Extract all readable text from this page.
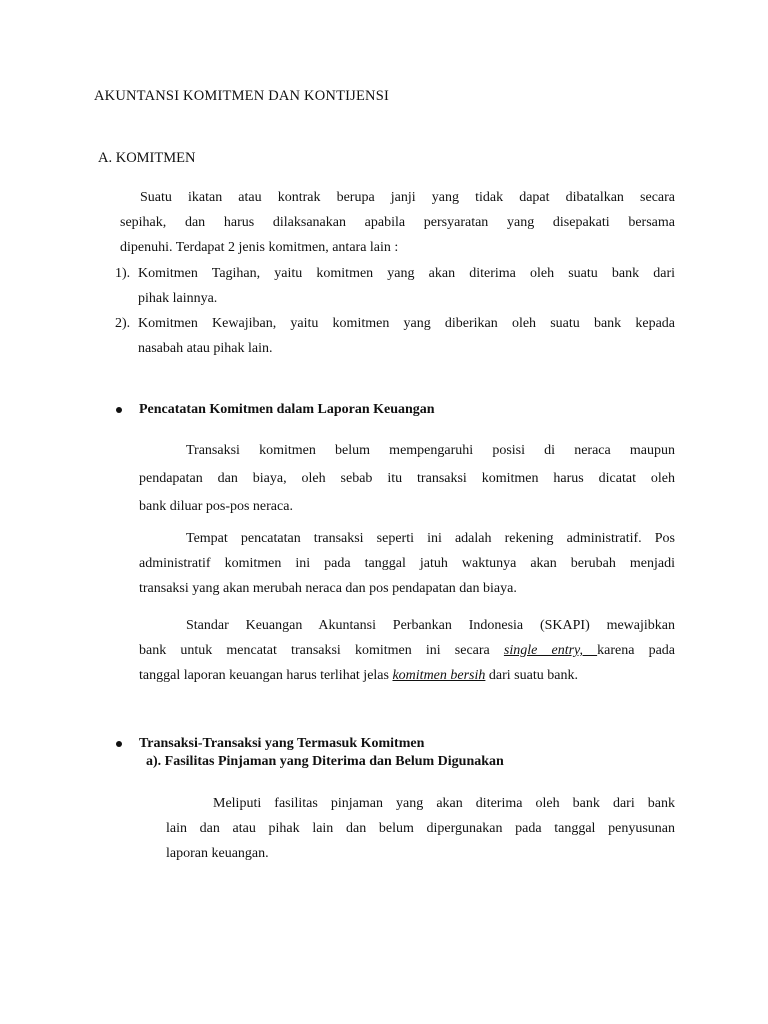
AKUNTANSI KOMITMEN DAN KONTIJENSI
A. KOMITMEN

Suatu ikatan atau kontrak berupa janji yang tidak dapat dibatalkan secara

sepihak, dan harus dilaksanakan apabila persyaratan yang disepakati bersama

dipenuhi. Terdapat 2 jenis komitmen, antara lain :

1). Komitmen Tagihan, yaitu komitmen yang akan diterima oleh suatu bank dari

pihak lainnya.

2). Komitmen Kewajiban, yaitu komitmen yang diberikan oleh suatu bank kepada

nasabah atau pihak lain.

Pencatatan Komitmen dalam Laporan Keuangan

Transaksi komitmen belum mempengaruhi posisi di neraca maupun

pendapatan dan biaya, oleh sebab itu transaksi komitmen harus dicatat oleh

bank diluar pos-pos neraca.

Tempat pencatatan transaksi seperti ini adalah rekening administratif. Pos

administratif komitmen ini pada tanggal jatuh waktunya akan berubah menjadi

transaksi yang akan merubah neraca dan pos pendapatan dan biaya.

Standar Keuangan Akuntansi Perbankan Indonesia (SKAPI) mewajibkan

bank untuk mencatat transaksi komitmen ini secara single entry, karena pada

tanggal laporan keuangan harus terlihat jelas komitmen bersih dari suatu bank.

Transaksi-Transaksi yang Termasuk Komitmen
a). Fasilitas Pinjaman yang Diterima dan Belum Digunakan

Meliputi fasilitas pinjaman yang akan diterima oleh bank dari bank

lain dan atau pihak lain dan belum dipergunakan pada tanggal penyusunan

laporan keuangan.
